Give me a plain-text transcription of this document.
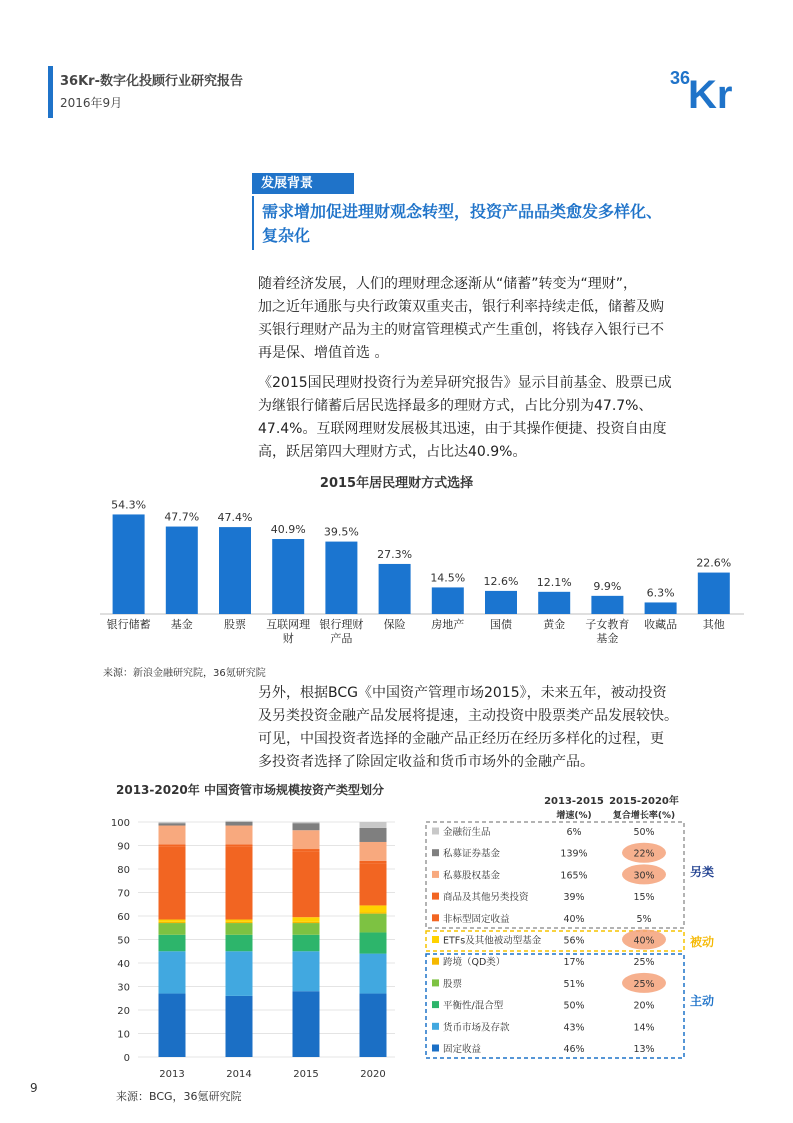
36Kr-数字化投顾行业研究报告
2016年9月
36
Kr
发展背景
需求增加促进理财观念转型，投资产品品类愈发多样化、
复杂化
随着经济发展，人们的理财理念逐渐从“储蓄”转变为“理财”，
加之近年通胀与央行政策双重夹击，银行利率持续走低，储蓄及购
买银行理财产品为主的财富管理模式产生重创，将钱存入银行已不
再是保、增值首选 。
《2015国民理财投资行为差异研究报告》显示目前基金、股票已成
为继银行储蓄后居民选择最多的理财方式，占比分别为47.7%、
47.4%。互联网理财发展极其迅速，由于其操作便捷、投资自由度
高，跃居第四大理财方式，占比达40.9%。
2015年居民理财方式选择
54.3%
银行储蓄
47.7%
基金
47.4%
股票
40.9%
互联网理
财
39.5%
银行理财
产品
27.3%
保险
14.5%
房地产
12.6%
国债
12.1%
黄金
9.9%
子女教育
基金
6.3%
收藏品
22.6%
其他
来源：新浪金融研究院，36氪研究院
另外，根据BCG《中国资产管理市场2015》，未来五年，被动投资
及另类投资金融产品发展将提速，主动投资中股票类产品发展较快。
可见，中国投资者选择的金融产品正经历在经历多样化的过程，更
多投资者选择了除固定收益和货币市场外的金融产品。
2013-2020年 中国资管市场规模按资产类型划分
0
10
20
30
40
50
60
70
80
90
100
2013	2014	2015	2020
2013-2015
增速(%)
2015-2020年
复合增长率(%)
另类
被动
主动
金融衍生品	6%	50%
私募证券基金	139%	22%
私募股权基金	165%	30%
商品及其他另类投资	39%	15%
非标型固定收益	40%	5%
ETFs及其他被动型基金 56%	40%
跨境（QD类）	17%	25%
股票	51%	25%
平衡性/混合型	50%	20%
货币市场及存款	43%	14%
固定收益	46%	13%
来源：BCG，36氪研究院
9
